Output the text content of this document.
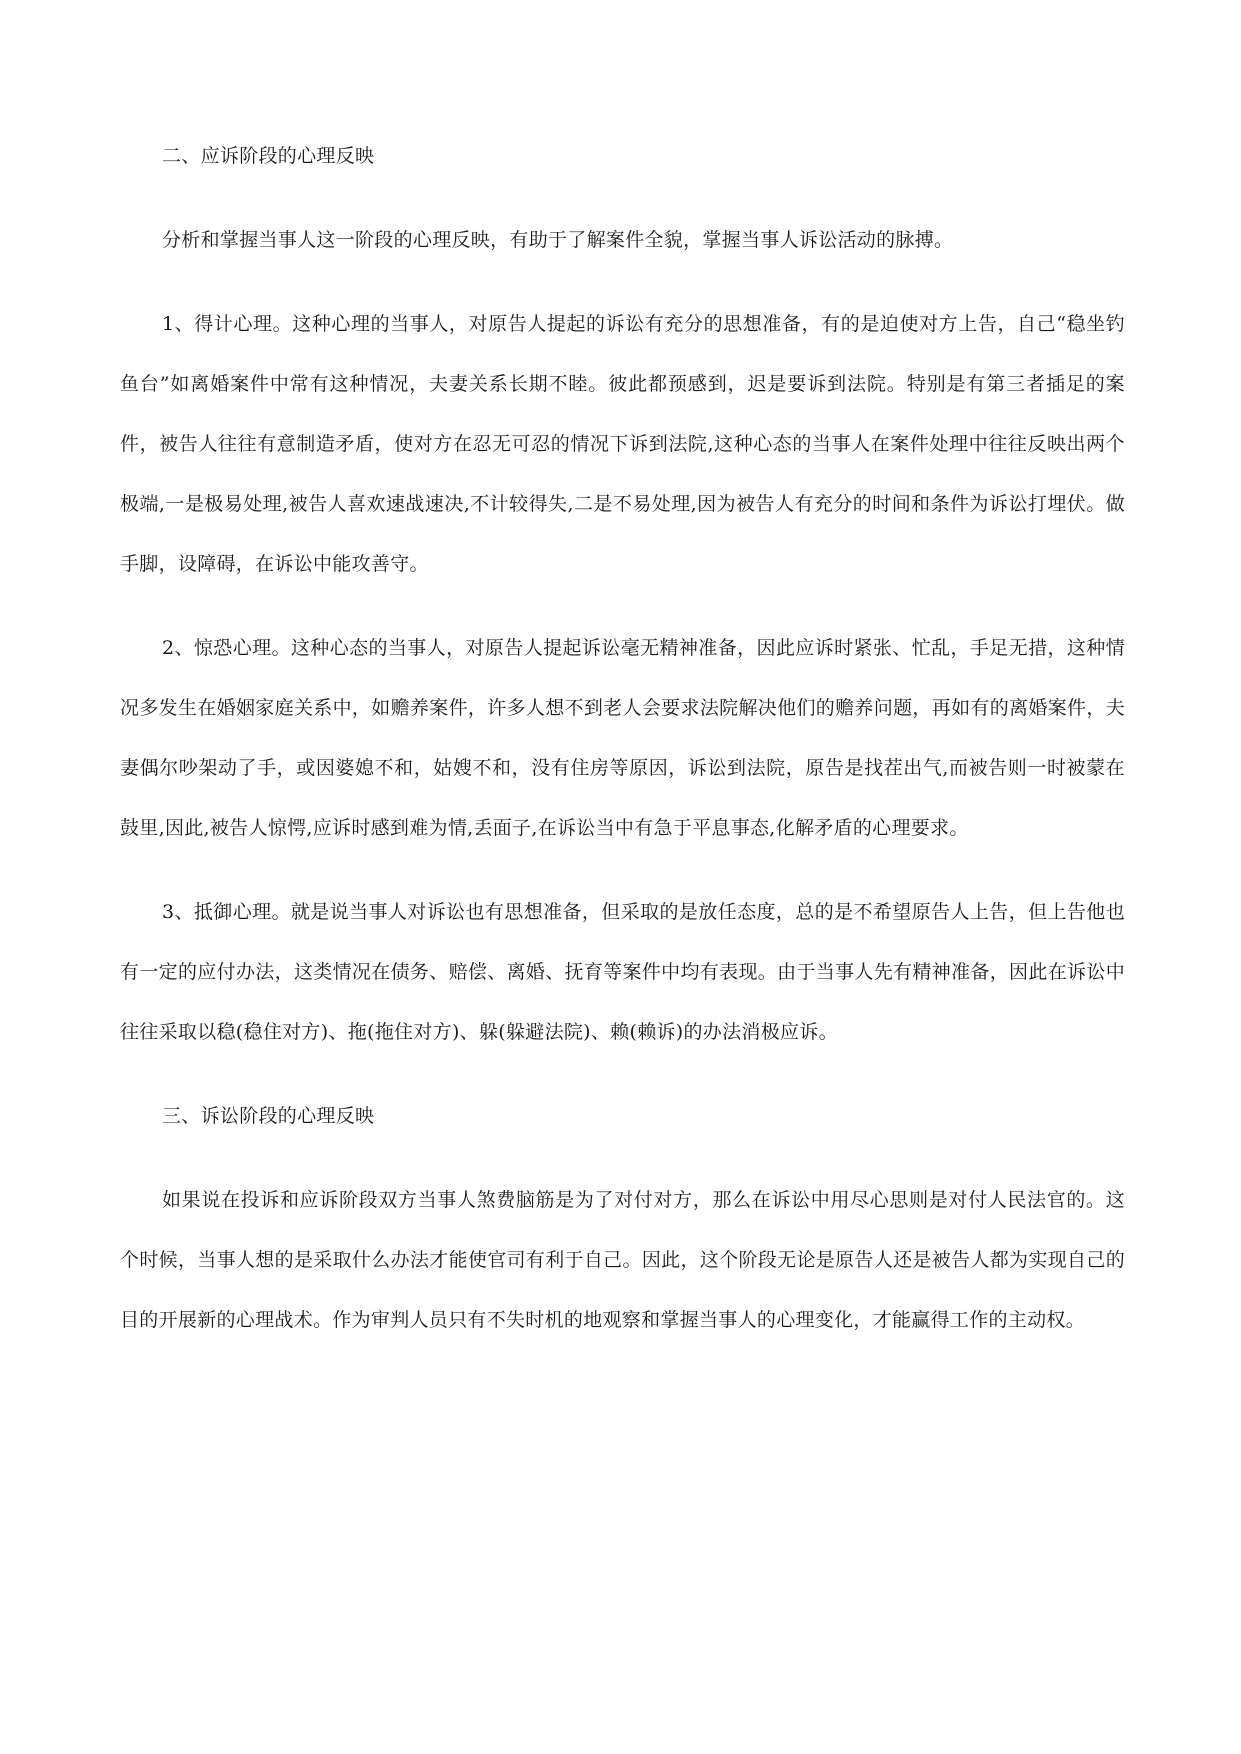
二、应诉阶段的心理反映

分析和掌握当事人这一阶段的心理反映，有助于了解案件全貌，掌握当事人诉讼活动的脉搏。

1、得计心理。这种心理的当事人，对原告人提起的诉讼有充分的思想准备，有的是迫使对方上告，自己“稳坐钓鱼台”如离婚案件中常有这种情况，夫妻关系长期不睦。彼此都预感到，迟是要诉到法院。特别是有第三者插足的案件，被告人往往有意制造矛盾，使对方在忍无可忍的情况下诉到法院,这种心态的当事人在案件处理中往往反映出两个极端,一是极易处理,被告人喜欢速战速决,不计较得失,二是不易处理,因为被告人有充分的时间和条件为诉讼打埋伏。做手脚，设障碍，在诉讼中能攻善守。

2、惊恐心理。这种心态的当事人，对原告人提起诉讼毫无精神准备，因此应诉时紧张、忙乱，手足无措，这种情况多发生在婚姻家庭关系中，如赡养案件，许多人想不到老人会要求法院解决他们的赡养问题，再如有的离婚案件，夫妻偶尔吵架动了手，或因婆媳不和，姑嫂不和，没有住房等原因，诉讼到法院，原告是找茬出气,而被告则一时被蒙在鼓里,因此,被告人惊愕,应诉时感到难为情,丢面子,在诉讼当中有急于平息事态,化解矛盾的心理要求。

3、抵御心理。就是说当事人对诉讼也有思想准备，但采取的是放任态度，总的是不希望原告人上告，但上告他也有一定的应付办法，这类情况在债务、赔偿、离婚、抚育等案件中均有表现。由于当事人先有精神准备，因此在诉讼中往往采取以稳(稳住对方)、拖(拖住对方)、躲(躲避法院)、赖(赖诉)的办法消极应诉。

三、诉讼阶段的心理反映

如果说在投诉和应诉阶段双方当事人煞费脑筋是为了对付对方，那么在诉讼中用尽心思则是对付人民法官的。这个时候，当事人想的是采取什么办法才能使官司有利于自己。因此，这个阶段无论是原告人还是被告人都为实现自己的目的开展新的心理战术。作为审判人员只有不失时机的地观察和掌握当事人的心理变化，才能赢得工作的主动权。
